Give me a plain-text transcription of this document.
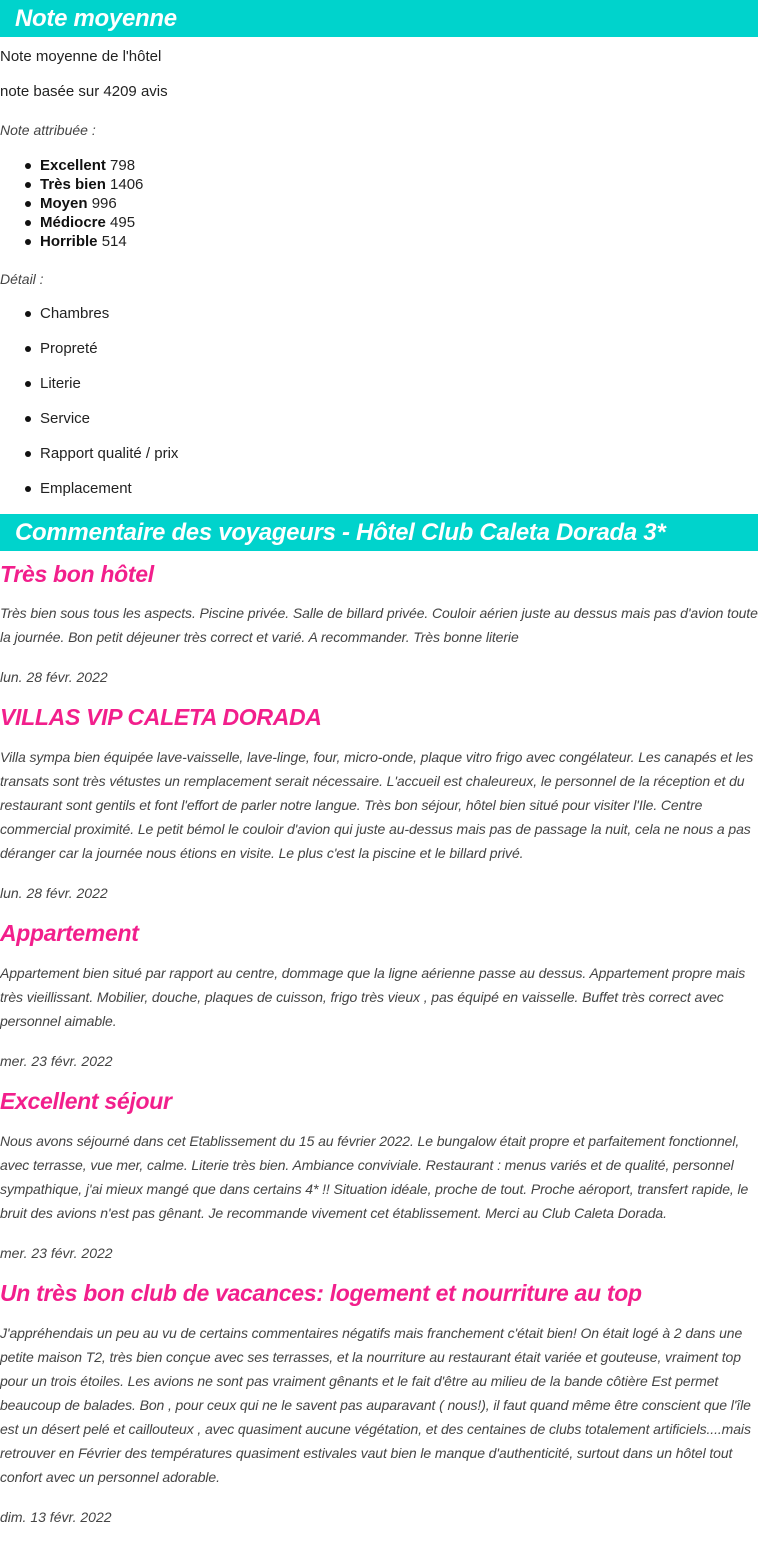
Note moyenne

Note moyenne de l'hôtel

note basée sur 4209 avis

Note attribuée :

Excellent 798
Très bien 1406
Moyen 996
Médiocre 495
Horrible 514

Détail :

Chambres
Propreté
Literie
Service
Rapport qualité / prix
Emplacement
Commentaire des voyageurs - Hôtel Club Caleta Dorada 3*
Très bon hôtel

Très bien sous tous les aspects. Piscine privée. Salle de billard privée. Couloir aérien juste au dessus mais pas d'avion toute la journée. Bon petit déjeuner très correct et varié. A recommander. Très bonne literie

lun. 28 févr. 2022

VILLAS VIP CALETA DORADA

Villa sympa bien équipée lave-vaisselle, lave-linge, four, micro-onde, plaque vitro frigo avec congélateur. Les canapés et les transats sont très vétustes un remplacement serait nécessaire. L'accueil est chaleureux, le personnel de la réception et du restaurant sont gentils et font l'effort de parler notre langue. Très bon séjour, hôtel bien situé pour visiter l'Ile. Centre commercial proximité. Le petit bémol le couloir d'avion qui juste au-dessus mais pas de passage la nuit, cela ne nous a pas déranger car la journée nous étions en visite. Le plus c'est la piscine et le billard privé.

lun. 28 févr. 2022

Appartement

Appartement bien situé par rapport au centre, dommage que la ligne aérienne passe au dessus. Appartement propre mais très vieillissant. Mobilier, douche, plaques de cuisson, frigo très vieux , pas équipé en vaisselle. Buffet très correct avec personnel aimable.

mer. 23 févr. 2022

Excellent séjour

Nous avons séjourné dans cet Etablissement du 15 au février 2022. Le bungalow était propre et parfaitement fonctionnel, avec terrasse, vue mer, calme. Literie très bien. Ambiance conviviale. Restaurant : menus variés et de qualité, personnel sympathique, j'ai mieux mangé que dans certains 4* !! Situation idéale, proche de tout. Proche aéroport, transfert rapide, le bruit des avions n'est pas gênant. Je recommande vivement cet établissement. Merci au Club Caleta Dorada.

mer. 23 févr. 2022

Un très bon club de vacances: logement et nourriture au top

J'appréhendais un peu au vu de certains commentaires négatifs mais franchement c'était bien! On était logé à 2 dans une petite maison T2, très bien conçue avec ses terrasses, et la nourriture au restaurant était variée et gouteuse, vraiment top pour un trois étoiles. Les avions ne sont pas vraiment gênants et le fait d'être au milieu de la bande côtière Est permet beaucoup de balades. Bon , pour ceux qui ne le savent pas auparavant ( nous!), il faut quand même être conscient que l'île est un désert pelé et caillouteux , avec quasiment aucune végétation, et des centaines de clubs totalement artificiels....mais retrouver en Février des températures quasiment estivales vaut bien le manque d'authenticité, surtout dans un hôtel tout confort avec un personnel adorable.

dim. 13 févr. 2022
